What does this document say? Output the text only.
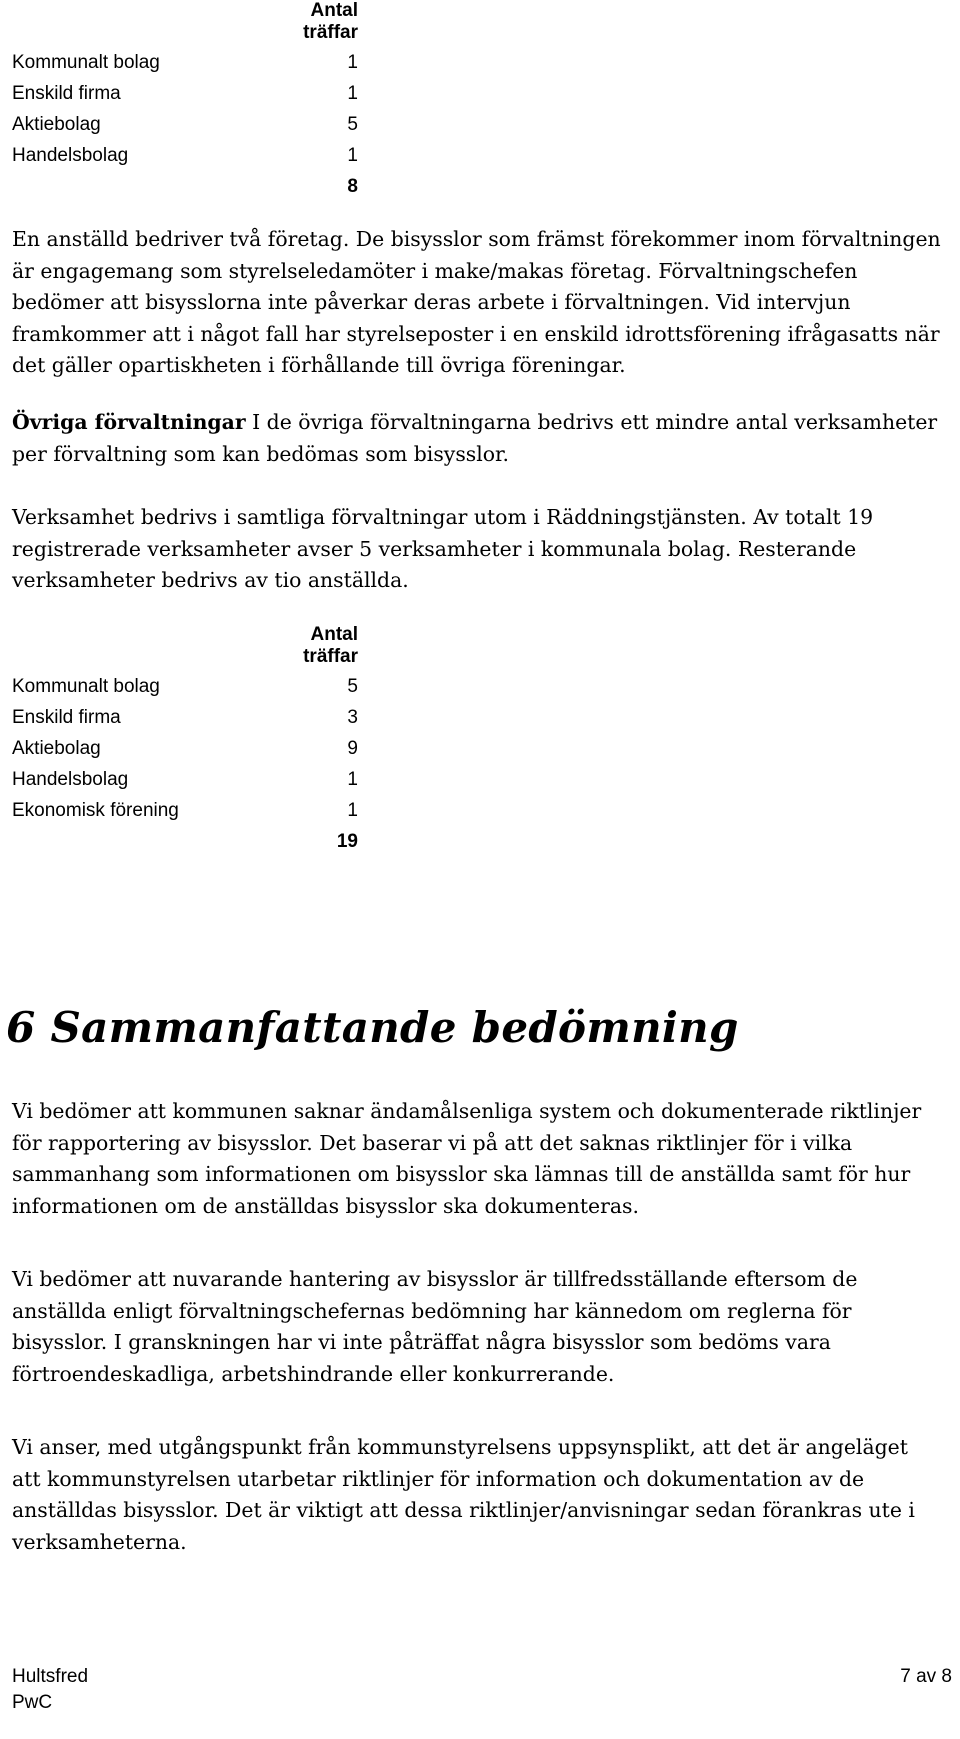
Antal
träffar
Kommunalt bolag	1
Enskild firma	1
Aktiebolag	5
Handelsbolag	1
8

En anställd bedriver två företag. De bisysslor som främst förekommer inom förvaltningen är engagemang som styrelseledamöter i make/makas företag. Förvaltningschefen bedömer att bisysslorna inte påverkar deras arbete i förvaltningen. Vid intervjun framkommer att i något fall har styrelseposter i en enskild idrottsförening ifrågasatts när det gäller opartiskheten i förhållande till övriga föreningar.

Övriga förvaltningar I de övriga förvaltningarna bedrivs ett mindre antal verksamheter per förvaltning som kan bedömas som bisysslor.

Verksamhet bedrivs i samtliga förvaltningar utom i Räddningstjänsten. Av totalt 19 registrerade verksamheter avser 5 verksamheter i kommunala bolag. Resterande verksamheter bedrivs av tio anställda.

Antal
träffar
Kommunalt bolag	5
Enskild firma	3
Aktiebolag	9
Handelsbolag	1
Ekonomisk förening	1
19
6 Sammanfattande bedömning

Vi bedömer att kommunen saknar ändamålsenliga system och dokumenterade riktlinjer för rapportering av bisysslor. Det baserar vi på att det saknas riktlinjer för i vilka sammanhang som informationen om bisysslor ska lämnas till de anställda samt för hur informationen om de anställdas bisysslor ska dokumenteras.

Vi bedömer att nuvarande hantering av bisysslor är tillfredsställande eftersom de anställda enligt förvaltningschefernas bedömning har kännedom om reglerna för bisysslor. I granskningen har vi inte påträffat några bisysslor som bedöms vara förtroendeskadliga, arbetshindrande eller konkurrerande.

Vi anser, med utgångspunkt från kommunstyrelsens uppsynsplikt, att det är angeläget att kommunstyrelsen utarbetar riktlinjer för information och dokumentation av de anställdas bisysslor. Det är viktigt att dessa riktlinjer/anvisningar sedan förankras ute i verksamheterna.

Hultsfred
PwC
7 av 8
